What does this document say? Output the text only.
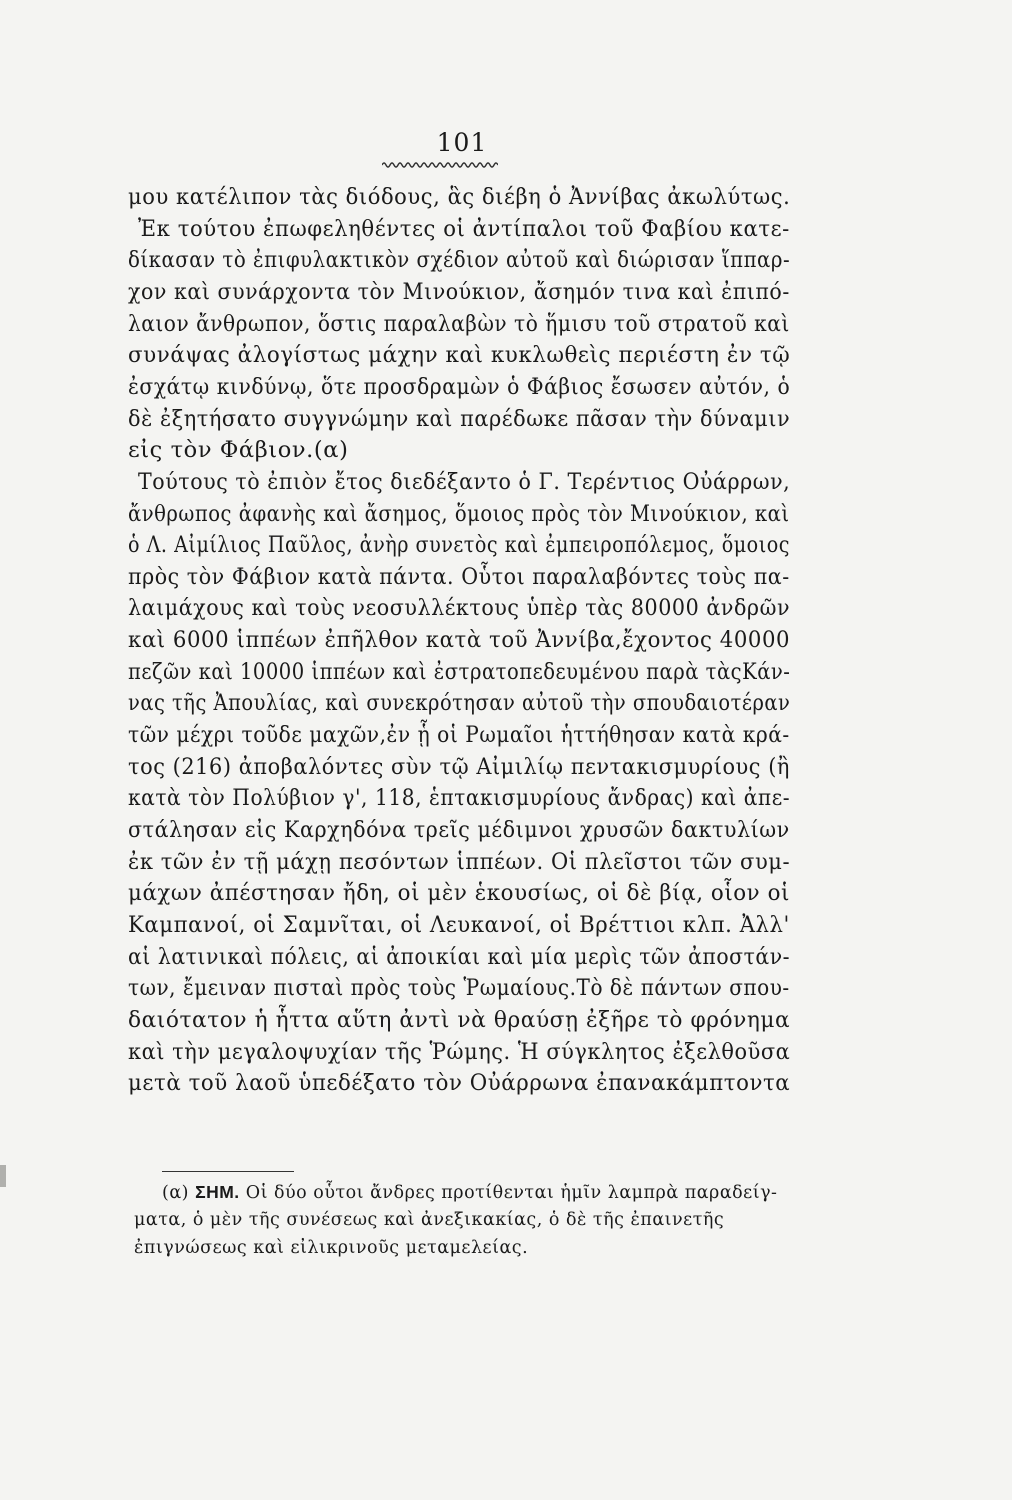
101
μου κατέλιπον τὰς διόδους, ἃς διέβη ὁ Ἀννίβας ἀκωλύτως.
Ἐκ τούτου ἐπωφεληθέντες οἱ ἀντίπαλοι τοῦ Φαβίου κατε-
δίκασαν τὸ ἐπιφυλακτικὸν σχέδιον αὐτοῦ καὶ διώρισαν ἵππαρ-
χον καὶ συνάρχοντα τὸν Μινούκιον, ἄσημόν τινα καὶ ἐπιπό-
λαιον ἄνθρωπον, ὅστις παραλαβὼν τὸ ἥμισυ τοῦ στρατοῦ καὶ
συνάψας ἀλογίστως μάχην καὶ κυκλωθεὶς περιέστη ἐν τῷ
ἐσχάτῳ κινδύνῳ, ὅτε προσδραμὼν ὁ Φάβιος ἔσωσεν αὐτόν, ὁ
δὲ ἐξητήσατο συγγνώμην καὶ παρέδωκε πᾶσαν τὴν δύναμιν
εἰς τὸν Φάβιον.(α)
Τούτους τὸ ἐπιὸν ἔτος διεδέξαντο ὁ Γ. Τερέντιος Οὐάρρων,
ἄνθρωπος ἀφανὴς καὶ ἄσημος, ὅμοιος πρὸς τὸν Μινούκιον, καὶ
ὁ Λ. Αἰμίλιος Παῦλος, ἀνὴρ συνετὸς καὶ ἐμπειροπόλεμος, ὅμοιος
πρὸς τὸν Φάβιον κατὰ πάντα. Οὗτοι παραλαβόντες τοὺς πα-
λαιμάχους καὶ τοὺς νεοσυλλέκτους ὑπὲρ τὰς 80000 ἀνδρῶν
καὶ 6000 ἱππέων ἐπῆλθον κατὰ τοῦ Ἀννίβα,ἔχοντος 40000
πεζῶν καὶ 10000 ἱππέων καὶ ἐστρατοπεδευμένου παρὰ τὰςΚάν-
νας τῆς Ἀπουλίας, καὶ συνεκρότησαν αὐτοῦ τὴν σπουδαιοτέραν
τῶν μέχρι τοῦδε μαχῶν,ἐν ᾗ οἱ Ρωμαῖοι ἡττήθησαν κατὰ κρά-
τος (216) ἀποβαλόντες σὺν τῷ Αἰμιλίῳ πεντακισμυρίους (ἢ
κατὰ τὸν Πολύβιον γ', 118, ἑπτακισμυρίους ἄνδρας) καὶ ἀπε-
στάλησαν εἰς Καρχηδόνα τρεῖς μέδιμνοι χρυσῶν δακτυλίων
ἐκ τῶν ἐν τῇ μάχῃ πεσόντων ἱππέων. Οἱ πλεῖστοι τῶν συμ-
μάχων ἀπέστησαν ἤδη, οἱ μὲν ἑκουσίως, οἱ δὲ βίᾳ, οἷον οἱ
Καμπανοί, οἱ Σαμνῖται, οἱ Λευκανοί, οἱ Βρέττιοι κλπ. Ἀλλ'
αἱ λατινικαὶ πόλεις, αἱ ἀποικίαι καὶ μία μερὶς τῶν ἀποστάν-
των, ἔμειναν πισταὶ πρὸς τοὺς Ῥωμαίους.Τὸ δὲ πάντων σπου-
δαιότατον ἡ ἧττα αὕτη ἀντὶ νὰ θραύσῃ ἐξῆρε τὸ φρόνημα
καὶ τὴν μεγαλοψυχίαν τῆς Ῥώμης. Ἡ σύγκλητος ἐξελθοῦσα
μετὰ τοῦ λαοῦ ὑπεδέξατο τὸν Οὐάρρωνα ἐπανακάμπτοντα
(α) ΣΗΜ. Οἱ δύο οὗτοι ἄνδρες προτίθενται ἡμῖν λαμπρὰ παραδείγ-
ματα, ὁ μὲν τῆς συνέσεως καὶ ἀνεξικακίας, ὁ δὲ τῆς ἐπαινετῆς
ἐπιγνώσεως καὶ εἰλικρινοῦς μεταμελείας.
